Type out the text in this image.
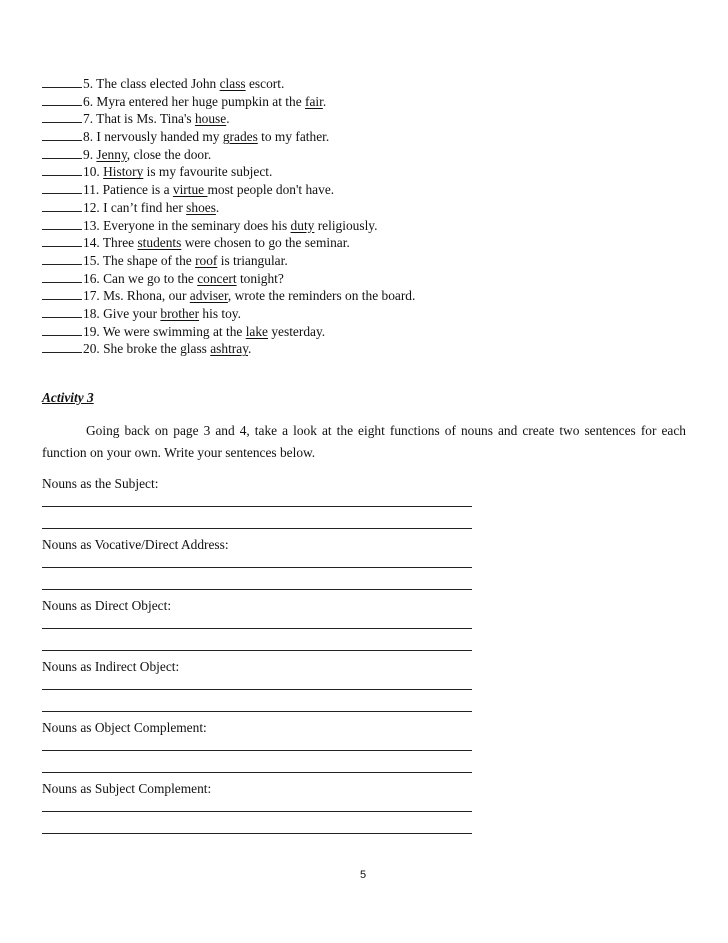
5. The class elected John class escort.
6. Myra entered her huge pumpkin at the fair.
7. That is Ms. Tina's house.
8. I nervously handed my grades to my father.
9. Jenny, close the door.
10. History is my favourite subject.
11. Patience is a virtue most people don't have.
12. I can’t find her shoes.
13. Everyone in the seminary does his duty religiously.
14. Three students were chosen to go the seminar.
15. The shape of the roof is triangular.
16. Can we go to the concert tonight?
17. Ms. Rhona, our adviser, wrote the reminders on the board.
18. Give your brother his toy.
19. We were swimming at the lake yesterday.
20. She broke the glass ashtray.
Activity 3
Going back on page 3 and 4, take a look at the eight functions of nouns and create two sentences for each function on your own. Write your sentences below.
Nouns as the Subject:
Nouns as Vocative/Direct Address:
Nouns as Direct Object:
Nouns as Indirect Object:
Nouns as Object Complement:
Nouns as Subject Complement:
5
